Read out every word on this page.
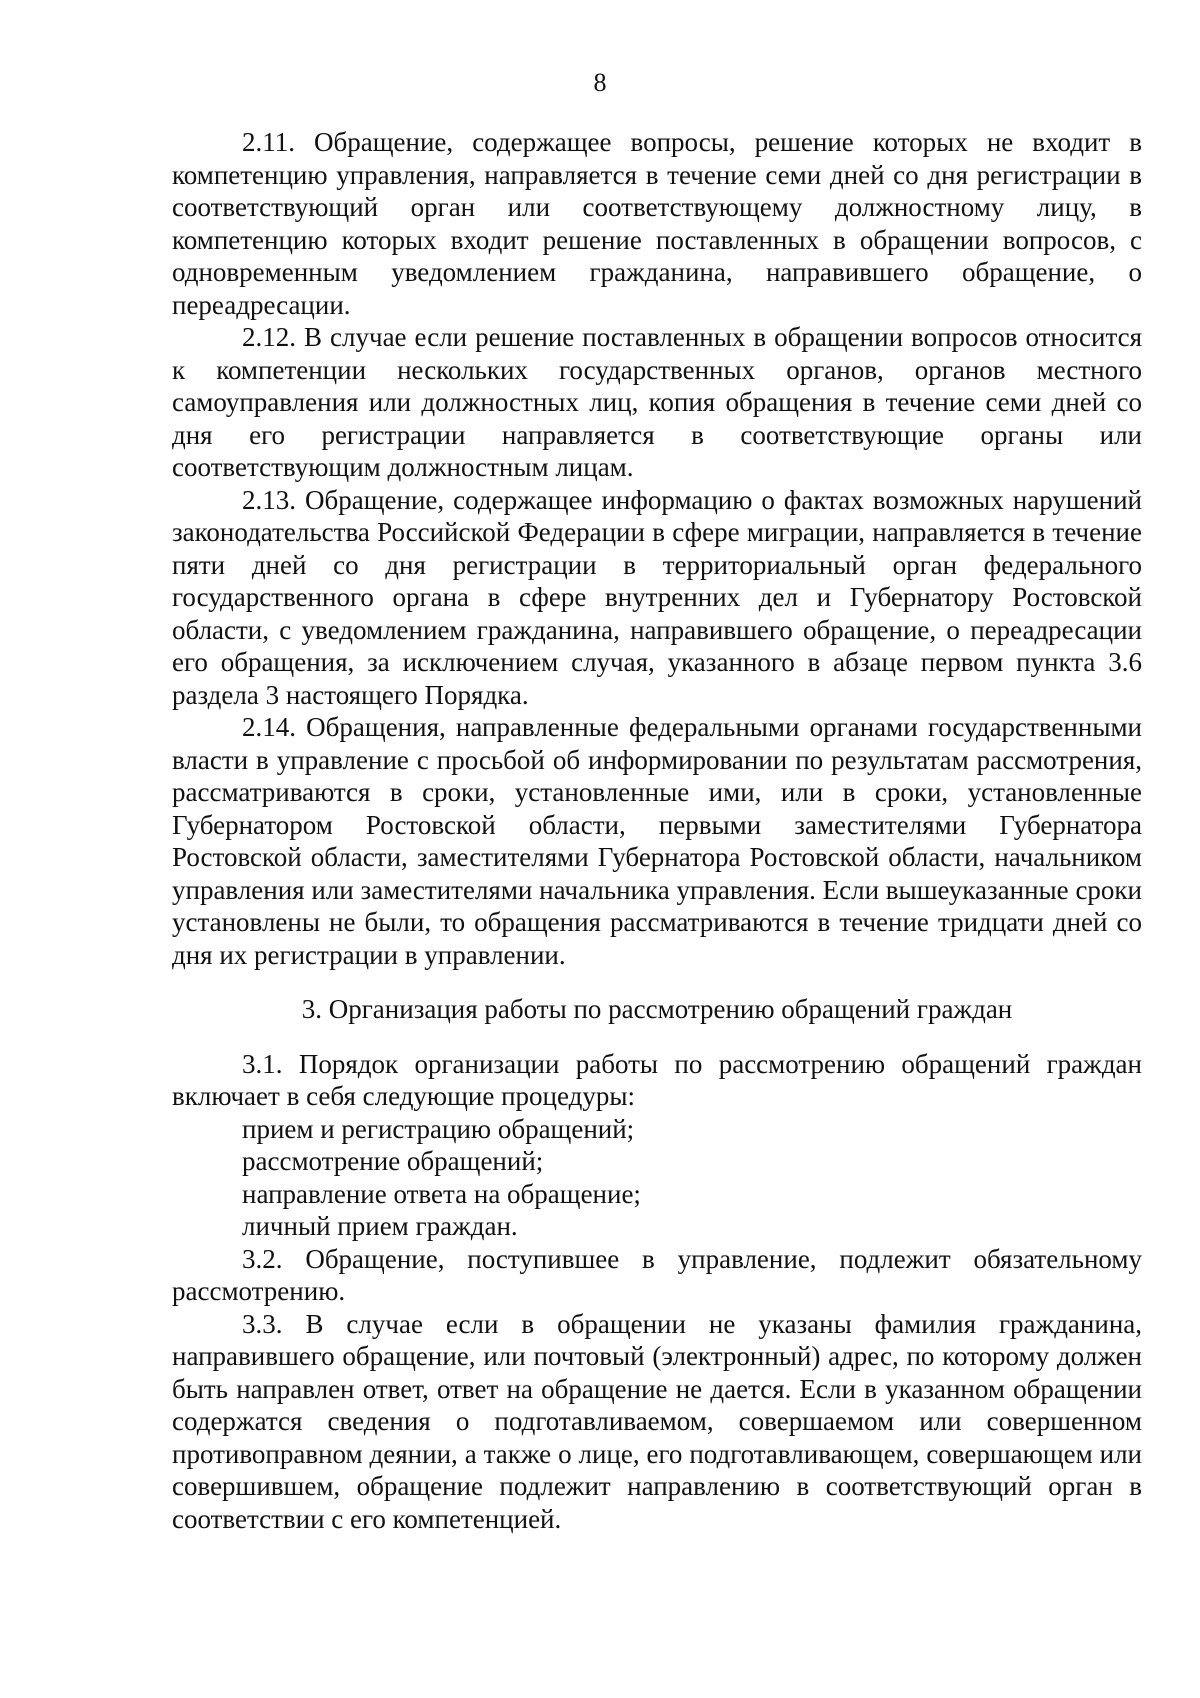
8

2.11. Обращение, содержащее вопросы, решение которых не входит в компетенцию управления, направляется в течение семи дней со дня регистрации в соответствующий орган или соответствующему должностному лицу, в компетенцию которых входит решение поставленных в обращении вопросов, с одновременным уведомлением гражданина, направившего обращение, о переадресации.

2.12. В случае если решение поставленных в обращении вопросов относится к компетенции нескольких государственных органов, органов местного самоуправления или должностных лиц, копия обращения в течение семи дней со дня его регистрации направляется в соответствующие органы или соответствующим должностным лицам.

2.13. Обращение, содержащее информацию о фактах возможных нарушений законодательства Российской Федерации в сфере миграции, направляется в течение пяти дней со дня регистрации в территориальный орган федерального государственного органа в сфере внутренних дел и Губернатору Ростовской области, с уведомлением гражданина, направившего обращение, о переадресации его обращения, за исключением случая, указанного в абзаце первом пункта 3.6 раздела 3 настоящего Порядка.

2.14. Обращения, направленные федеральными органами государственными власти в управление с просьбой об информировании по результатам рассмотрения, рассматриваются в сроки, установленные ими, или в сроки, установленные Губернатором Ростовской области, первыми заместителями Губернатора Ростовской области, заместителями Губернатора Ростовской области, начальником управления или заместителями начальника управления. Если вышеуказанные сроки установлены не были, то обращения рассматриваются в течение тридцати дней со дня их регистрации в управлении.

3. Организация работы по рассмотрению обращений граждан

3.1. Порядок организации работы по рассмотрению обращений граждан включает в себя следующие процедуры:

прием и регистрацию обращений;

рассмотрение обращений;

направление ответа на обращение;

личный прием граждан.

3.2. Обращение, поступившее в управление, подлежит обязательному рассмотрению.

3.3. В случае если в обращении не указаны фамилия гражданина, направившего обращение, или почтовый (электронный) адрес, по которому должен быть направлен ответ, ответ на обращение не дается. Если в указанном обращении содержатся сведения о подготавливаемом, совершаемом или совершенном противоправном деянии, а также о лице, его подготавливающем, совершающем или совершившем, обращение подлежит направлению в соответствующий орган в соответствии с его компетенцией.
